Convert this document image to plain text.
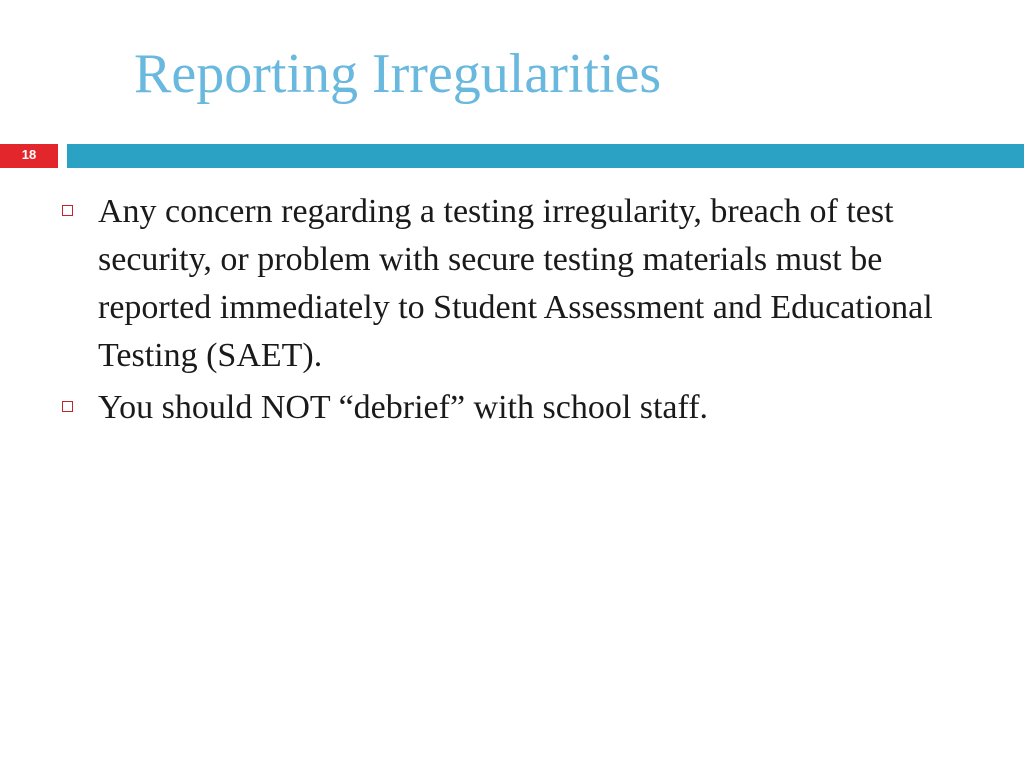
Reporting Irregularities
18
Any concern regarding a testing irregularity, breach of test security, or problem with secure testing materials must be reported immediately to Student Assessment and Educational Testing (SAET).
You should NOT “debrief” with school staff.
